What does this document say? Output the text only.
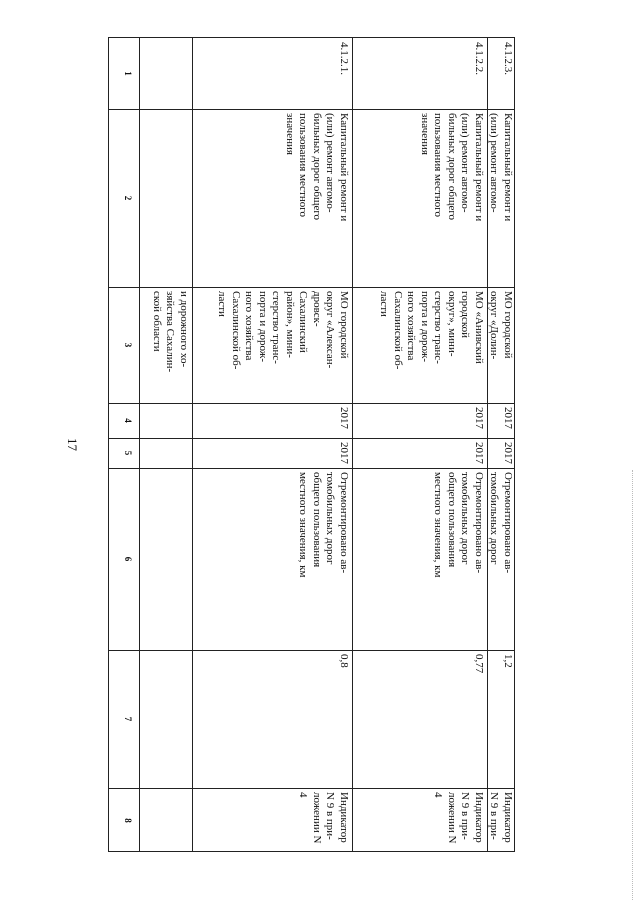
17
1
2
3
4
5
6
7
8
и дорожного хо-
зяйства Сахалин-
ской области
4.1.2.1.
Капитальный ремонт и
(или) ремонт автомо-
бильных дорог общего
пользования местного
значения
МО городской
округ «Алексан-
дровск-
Сахалинский
район», мини-
стерство транс-
порта и дорож-
ного хозяйства
Сахалинской об-
ласти
2017
2017
Отремонтировано ав-
томобильных дорог
общего пользования
местного значения, км
0,8
Индикатор N 9 в при-
ложении N 4
4.1.2.2.
Капитальный ремонт и
(или) ремонт автомо-
бильных дорог общего
пользования местного
значения
МО «Анивский
городской
округ», мини-
стерство транс-
порта и дорож-
ного хозяйства
Сахалинской об-
ласти
2017
2017
Отремонтировано ав-
томобильных дорог
общего пользования
местного значения, км
0,77
Индикатор N 9 в при-
ложении N 4
4.1.2.3.
Капитальный ремонт и
(или) ремонт автомо-

МО городской
округ «Долин-

2017
2017
Отремонтировано ав-
томобильных дорог

1,2
Индикатор N 9 в при-
